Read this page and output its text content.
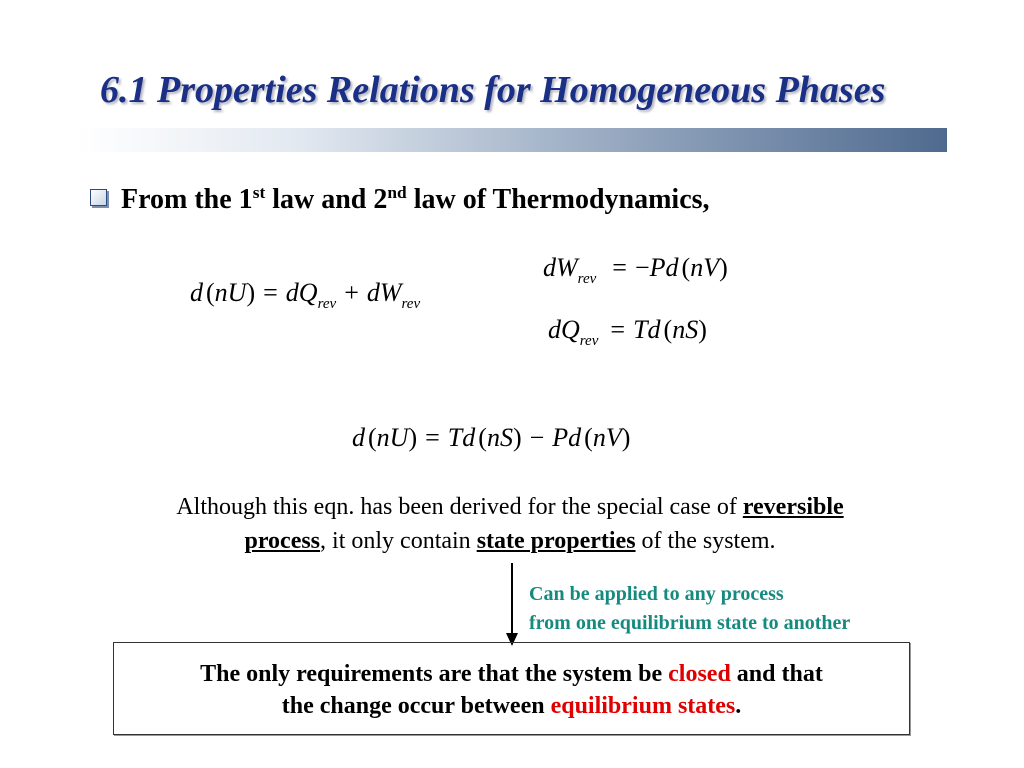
6.1 Properties Relations for Homogeneous Phases
From the 1st law and 2nd law of Thermodynamics,
d $(nU) = dQ_{rev} + dW_{rev}$
$dW_{rev} = -Pd$ (nV)
$dQ_{rev} = Td$ (nS)
d (nU) = Td (nS) − Pd (nV)
Although this eqn. has been derived for the special case of reversible
process, it only contain state properties of the system.
Can be applied to any process
from one equilibrium state to another
The only requirements are that the system be closed and that
the change occur between equilibrium states.
